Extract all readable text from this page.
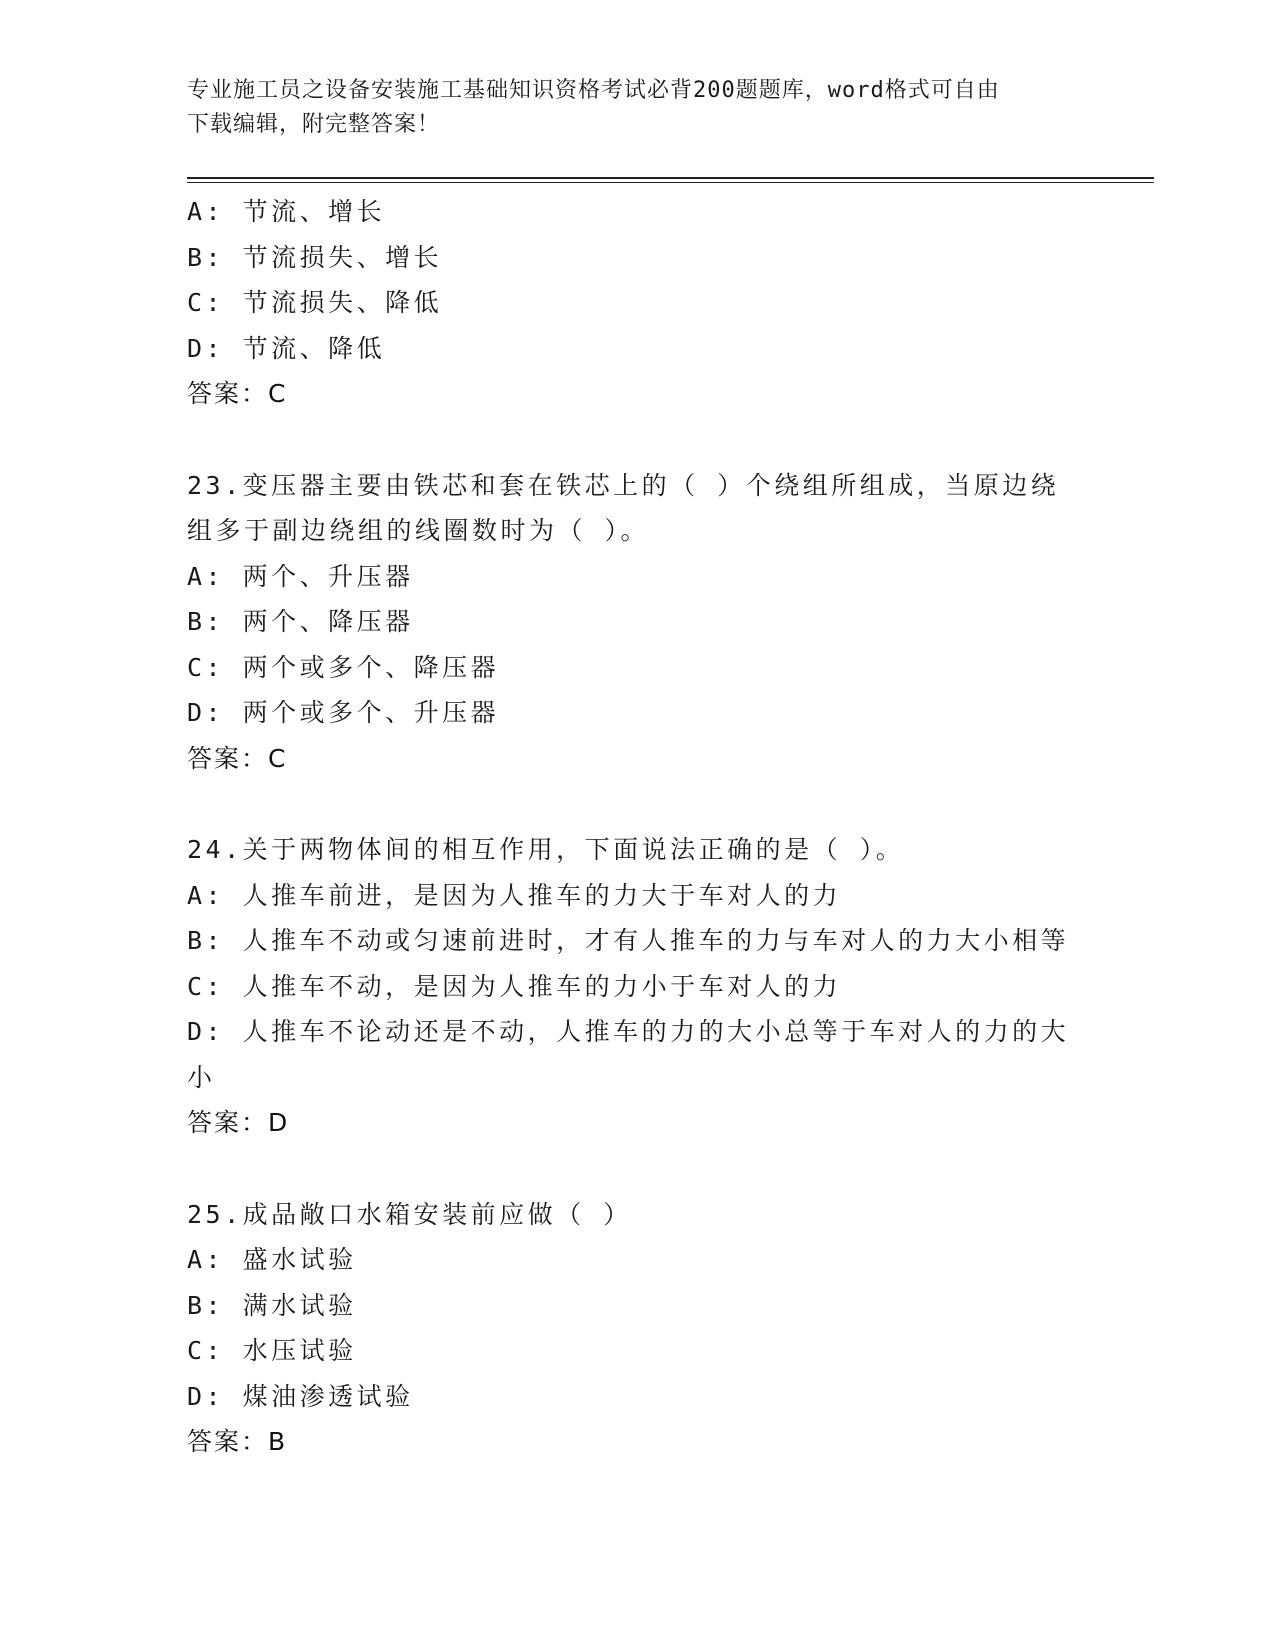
专业施工员之设备安装施工基础知识资格考试必背200题题库，word格式可自由
下载编辑，附完整答案！
A: 节流、增长
B: 节流损失、增长
C: 节流损失、降低
D: 节流、降低
答案：C
23.变压器主要由铁芯和套在铁芯上的（ ）个绕组所组成，当原边绕
组多于副边绕组的线圈数时为（ ）。
A: 两个、升压器
B: 两个、降压器
C: 两个或多个、降压器
D: 两个或多个、升压器
答案：C
24.关于两物体间的相互作用，下面说法正确的是（ ）。
A: 人推车前进，是因为人推车的力大于车对人的力
B: 人推车不动或匀速前进时，才有人推车的力与车对人的力大小相等
C: 人推车不动，是因为人推车的力小于车对人的力
D: 人推车不论动还是不动，人推车的力的大小总等于车对人的力的大
小
答案：D
25.成品敞口水箱安装前应做（ ）
A: 盛水试验
B: 满水试验
C: 水压试验
D: 煤油渗透试验
答案：B
